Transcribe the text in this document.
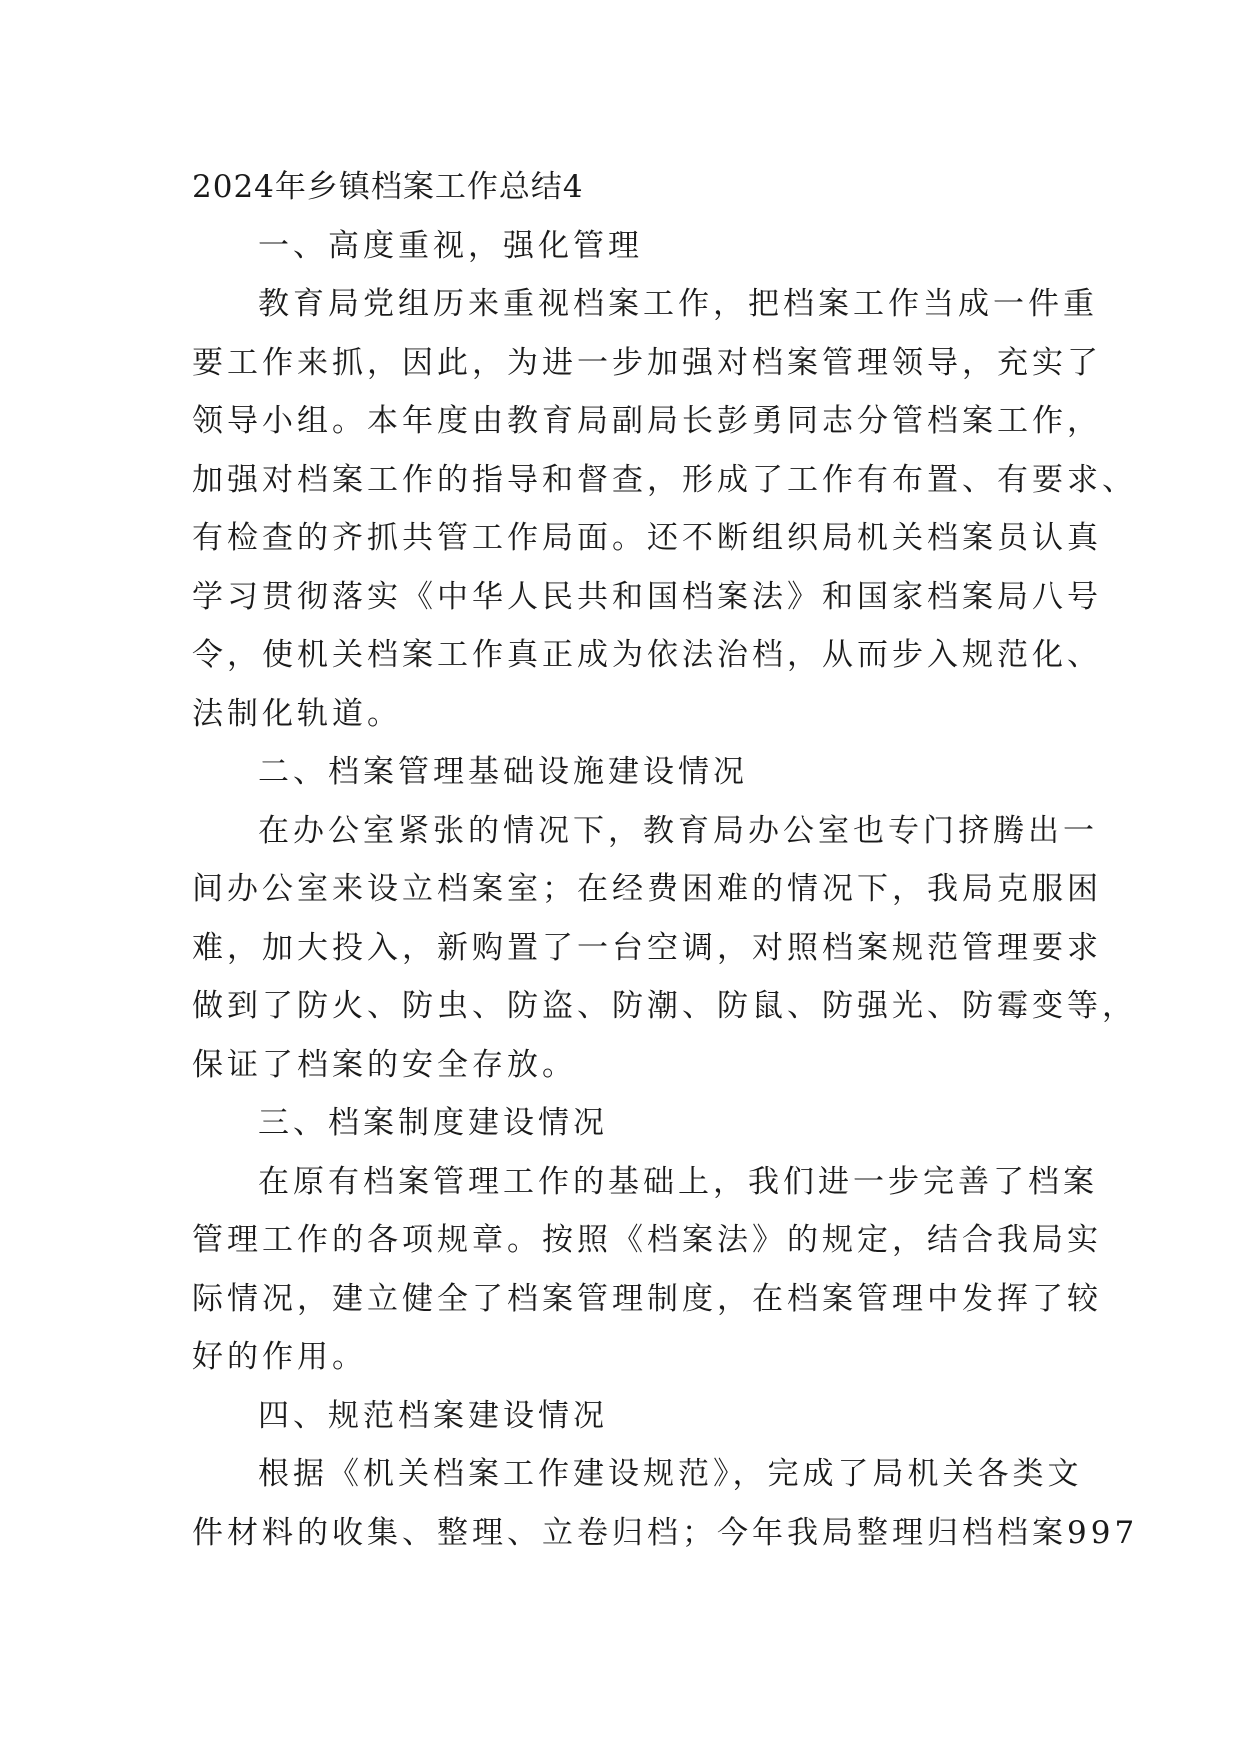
2024年乡镇档案工作总结4
一、高度重视，强化管理
教育局党组历来重视档案工作，把档案工作当成一件重
要工作来抓，因此，为进一步加强对档案管理领导，充实了
领导小组。本年度由教育局副局长彭勇同志分管档案工作，
加强对档案工作的指导和督查，形成了工作有布置、有要求、
有检查的齐抓共管工作局面。还不断组织局机关档案员认真
学习贯彻落实《中华人民共和国档案法》和国家档案局八号
令，使机关档案工作真正成为依法治档，从而步入规范化、
法制化轨道。
二、档案管理基础设施建设情况
在办公室紧张的情况下，教育局办公室也专门挤腾出一
间办公室来设立档案室；在经费困难的情况下，我局克服困
难，加大投入，新购置了一台空调，对照档案规范管理要求
做到了防火、防虫、防盗、防潮、防鼠、防强光、防霉变等，
保证了档案的安全存放。
三、档案制度建设情况
在原有档案管理工作的基础上，我们进一步完善了档案
管理工作的各项规章。按照《档案法》的规定，结合我局实
际情况，建立健全了档案管理制度，在档案管理中发挥了较
好的作用。
四、规范档案建设情况
根据《机关档案工作建设规范》，完成了局机关各类文
件材料的收集、整理、立卷归档；今年我局整理归档档案997
